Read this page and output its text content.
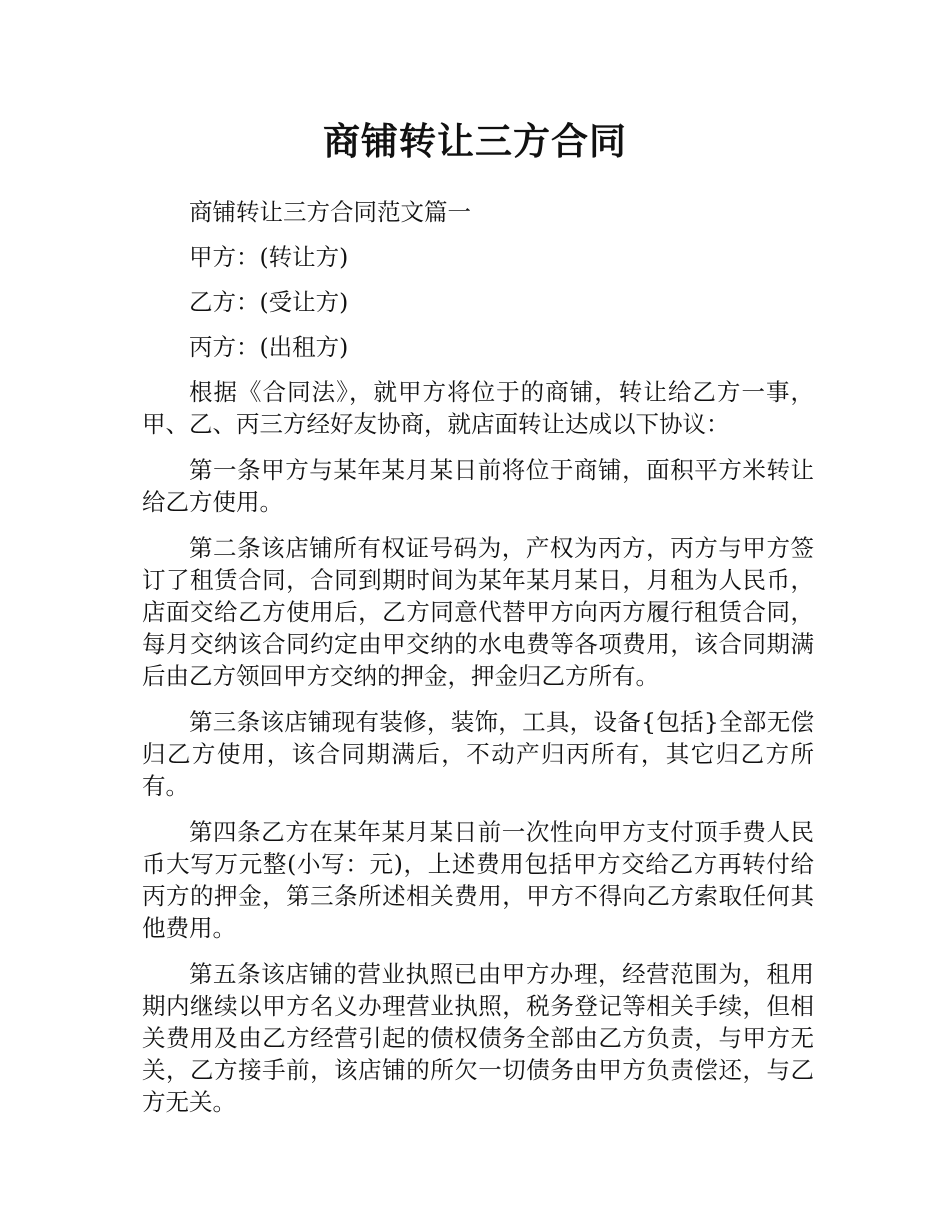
商铺转让三方合同

商铺转让三方合同范文篇一

甲方：(转让方)

乙方：(受让方)

丙方：(出租方)

根据《合同法》，就甲方将位于的商铺，转让给乙方一事，甲、乙、丙三方经好友协商，就店面转让达成以下协议：

第一条甲方与某年某月某日前将位于商铺，面积平方米转让给乙方使用。

第二条该店铺所有权证号码为，产权为丙方，丙方与甲方签订了租赁合同，合同到期时间为某年某月某日，月租为人民币，店面交给乙方使用后，乙方同意代替甲方向丙方履行租赁合同，每月交纳该合同约定由甲交纳的水电费等各项费用，该合同期满后由乙方领回甲方交纳的押金，押金归乙方所有。

第三条该店铺现有装修，装饰，工具，设备{包括}全部无偿归乙方使用，该合同期满后，不动产归丙所有，其它归乙方所有。

第四条乙方在某年某月某日前一次性向甲方支付顶手费人民币大写万元整(小写：元)，上述费用包括甲方交给乙方再转付给丙方的押金，第三条所述相关费用，甲方不得向乙方索取任何其他费用。

第五条该店铺的营业执照已由甲方办理，经营范围为，租用期内继续以甲方名义办理营业执照，税务登记等相关手续，但相关费用及由乙方经营引起的债权债务全部由乙方负责，与甲方无关，乙方接手前，该店铺的所欠一切债务由甲方负责偿还，与乙方无关。
